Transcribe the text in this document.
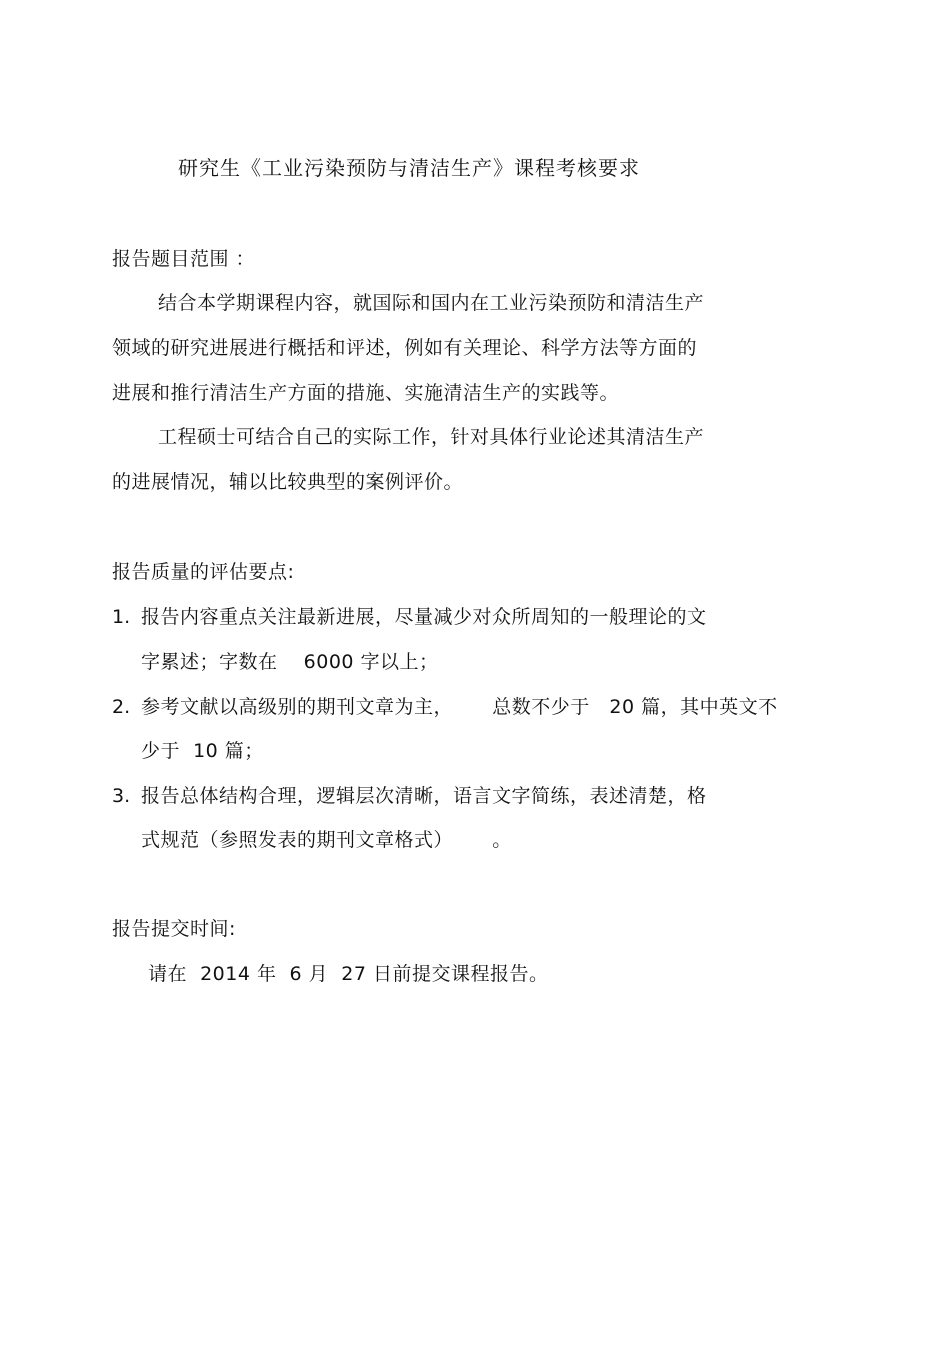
研究生《工业污染预防与清洁生产》课程考核要求
报告题目范围 ：
结合本学期课程内容，就国际和国内在工业污染预防和清洁生产
领域的研究进展进行概括和评述，例如有关理论、科学方法等方面的
进展和推行清洁生产方面的措施、实施清洁生产的实践等。
工程硕士可结合自己的实际工作，针对具体行业论述其清洁生产
的进展情况，辅以比较典型的案例评价。
报告质量的评估要点:
1. 报告内容重点关注最新进展，尽量减少对众所周知的一般理论的文
字累述；字数在    6000 字以上；
2. 参考文献以高级别的期刊文章为主，      总数不少于   20 篇，其中英文不
少于  10 篇；
3. 报告总体结构合理，逻辑层次清晰，语言文字简练，表述清楚，格
式规范（参照发表的期刊文章格式）      。
报告提交时间:
请在  2014 年  6 月  27 日前提交课程报告。
